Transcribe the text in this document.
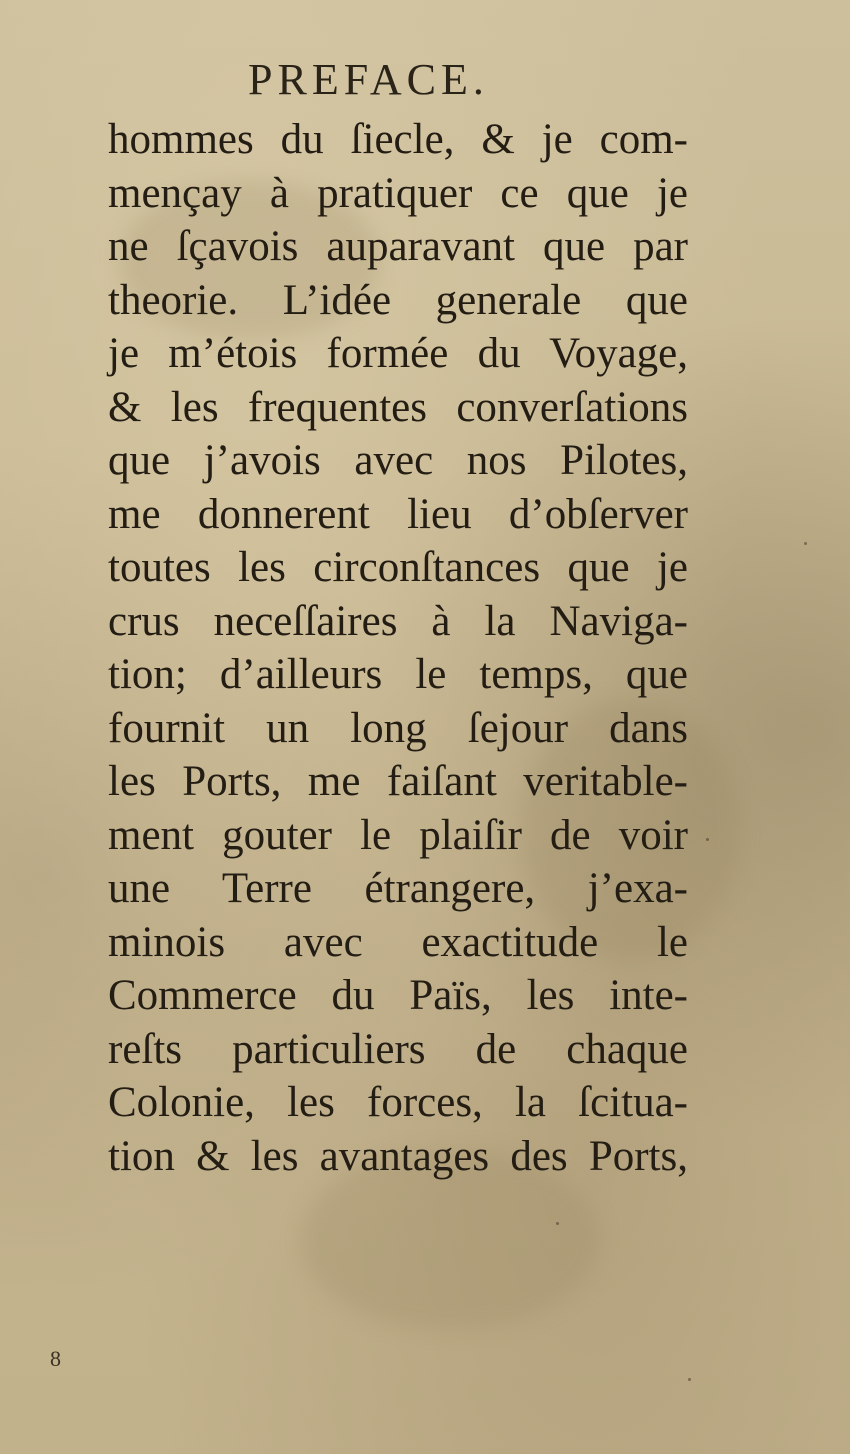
PREFACE.
hommes du ſiecle, & je com-
mençay à pratiquer ce que je
ne ſçavois auparavant que par
theorie. L’idée generale que
je m’étois formée du Voyage,
& les frequentes converſations
que j’avois avec nos Pilotes,
me donnerent lieu d’obſerver
toutes les circonſtances que je
crus neceſſaires à la Naviga-
tion; d’ailleurs le temps, que
fournit un long ſejour dans
les Ports, me faiſant veritable-
ment gouter le plaiſir de voir
une Terre étrangere, j’exa-
minois avec exactitude le
Commerce du Païs, les inte-
reſts particuliers de chaque
Colonie, les forces, la ſcitua-
tion & les avantages des Ports,
8
